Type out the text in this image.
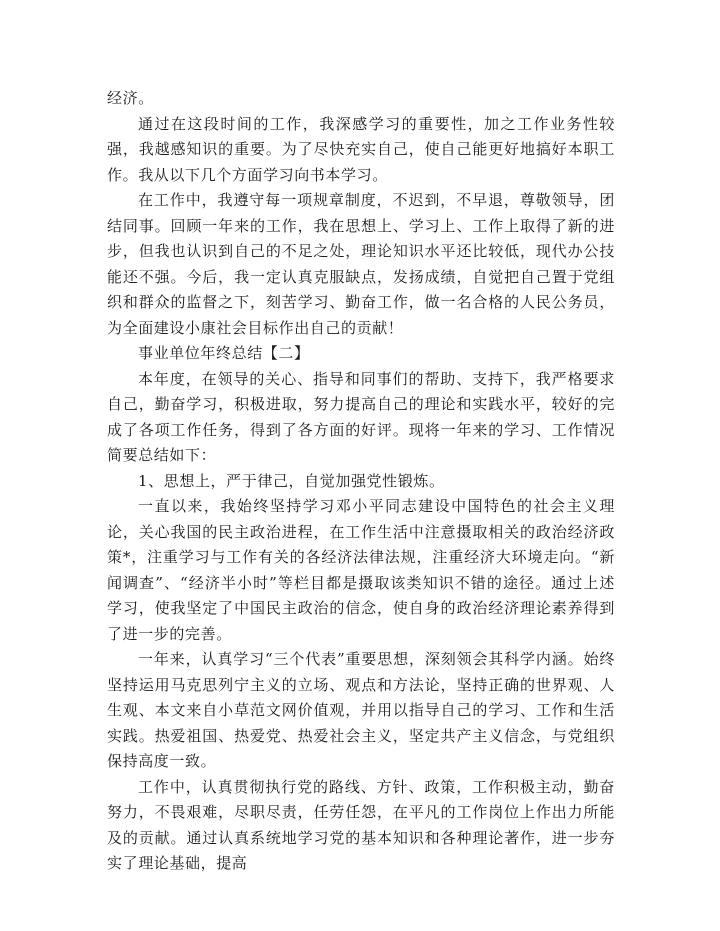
经济。

通过在这段时间的工作，我深感学习的重要性，加之工作业务性较强，我越感知识的重要。为了尽快充实自己，使自己能更好地搞好本职工作。我从以下几个方面学习向书本学习。

在工作中，我遵守每一项规章制度，不迟到，不早退，尊敬领导，团结同事。回顾一年来的工作，我在思想上、学习上、工作上取得了新的进步，但我也认识到自己的不足之处，理论知识水平还比较低，现代办公技能还不强。今后，我一定认真克服缺点，发扬成绩，自觉把自己置于党组织和群众的监督之下，刻苦学习、勤奋工作，做一名合格的人民公务员，为全面建设小康社会目标作出自己的贡献！

事业单位年终总结【二】

本年度，在领导的关心、指导和同事们的帮助、支持下，我严格要求自己，勤奋学习，积极进取，努力提高自己的理论和实践水平，较好的完成了各项工作任务，得到了各方面的好评。现将一年来的学习、工作情况简要总结如下：

1、思想上，严于律己，自觉加强党性锻炼。

一直以来，我始终坚持学习邓小平同志建设中国特色的社会主义理论，关心我国的民主政治进程，在工作生活中注意摄取相关的政治经济政策*，注重学习与工作有关的各经济法律法规，注重经济大环境走向。“新闻调查”、“经济半小时”等栏目都是摄取该类知识不错的途径。通过上述学习，使我坚定了中国民主政治的信念，使自身的政治经济理论素养得到了进一步的完善。

一年来，认真学习“三个代表”重要思想，深刻领会其科学内涵。始终坚持运用马克思列宁主义的立场、观点和方法论，坚持正确的世界观、人生观、本文来自小草范文网价值观，并用以指导自己的学习、工作和生活实践。热爱祖国、热爱党、热爱社会主义，坚定共产主义信念，与党组织保持高度一致。

工作中，认真贯彻执行党的路线、方针、政策，工作积极主动，勤奋努力，不畏艰难，尽职尽责，任劳任怨，在平凡的工作岗位上作出力所能及的贡献。通过认真系统地学习党的基本知识和各种理论著作，进一步夯实了理论基础，提高
